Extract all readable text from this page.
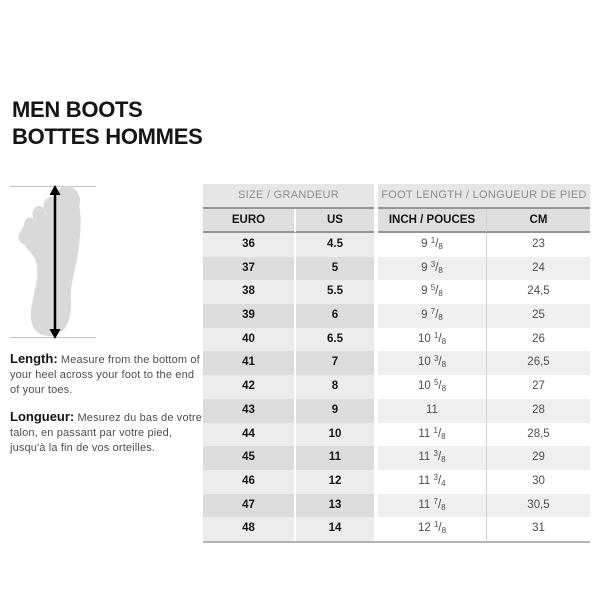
MEN BOOTS
BOTTES HOMMES

Length: Measure from the bottom of your heel across your foot to the end of your toes.

Longueur: Mesurez du bas de votre talon, en passant par votre pied, jusqu'à la fin de vos orteilles.

SIZE / GRANDEUR	FOOT LENGTH / LONGUEUR DE PIED
EURO	US	INCH / POUCES	CM
36	4.5	9 $^1/_8$	23
37	5	9 $^3/_8$	24
38	5.5	9 $^5/_8$	24,5
39	6	9 $^7/_8$	25
40	6.5	10 $^1/_8$	26
41	7	10 $^3/_8$	26,5
42	8	10 $^5/_8$	27
43	9	11	28
44	10	11 $^1/_8$	28,5
45	11	11 $^3/_8$	29
46	12	11 $^3/_4$	30
47	13	11 $^7/_8$	30,5
48	14	12 $^1/_8$	31
